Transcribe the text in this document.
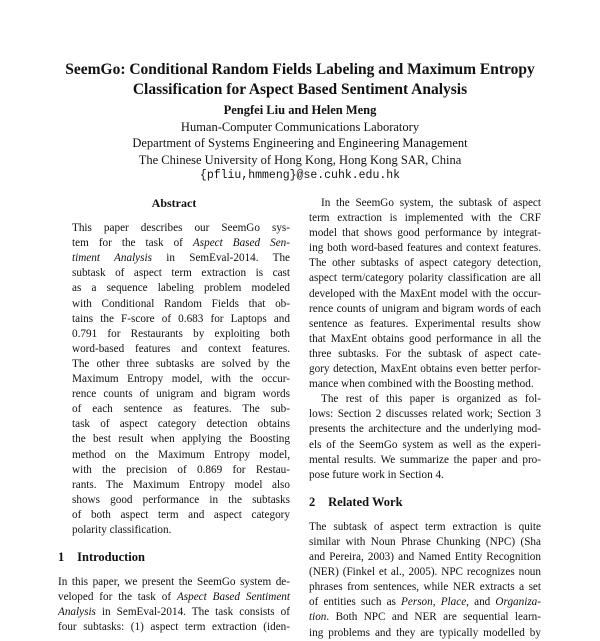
SeemGo: Conditional Random Fields Labeling and Maximum Entropy
Classification for Aspect Based Sentiment Analysis
Pengfei Liu and Helen Meng
Human-Computer Communications Laboratory
Department of Systems Engineering and Engineering Management
The Chinese University of Hong Kong, Hong Kong SAR, China
{pfliu,hmmeng}@se.cuhk.edu.hk
Abstract
This paper describes our SeemGo sys-
tem for the task of Aspect Based Sen-
timent Analysis in SemEval-2014. The
subtask of aspect term extraction is cast
as a sequence labeling problem modeled
with Conditional Random Fields that ob-
tains the F-score of 0.683 for Laptops and
0.791 for Restaurants by exploiting both
word-based features and context features.
The other three subtasks are solved by the
Maximum Entropy model, with the occur-
rence counts of unigram and bigram words
of each sentence as features. The sub-
task of aspect category detection obtains
the best result when applying the Boosting
method on the Maximum Entropy model,
with the precision of 0.869 for Restau-
rants. The Maximum Entropy model also
shows good performance in the subtasks
of both aspect term and aspect category
polarity classification.
1 Introduction
In this paper, we present the SeemGo system de-
veloped for the task of Aspect Based Sentiment
Analysis in SemEval-2014. The task consists of
four subtasks: (1) aspect term extraction (iden-
In the SeemGo system, the subtask of aspect
term extraction is implemented with the CRF
model that shows good performance by integrat-
ing both word-based features and context features.
The other subtasks of aspect category detection,
aspect term/category polarity classification are all
developed with the MaxEnt model with the occur-
rence counts of unigram and bigram words of each
sentence as features. Experimental results show
that MaxEnt obtains good performance in all the
three subtasks. For the subtask of aspect cate-
gory detection, MaxEnt obtains even better perfor-
mance when combined with the Boosting method.
The rest of this paper is organized as fol-
lows: Section 2 discusses related work; Section 3
presents the architecture and the underlying mod-
els of the SeemGo system as well as the experi-
mental results. We summarize the paper and pro-
pose future work in Section 4.
2 Related Work
The subtask of aspect term extraction is quite
similar with Noun Phrase Chunking (NPC) (Sha
and Pereira, 2003) and Named Entity Recognition
(NER) (Finkel et al., 2005). NPC recognizes noun
phrases from sentences, while NER extracts a set
of entities such as Person, Place, and Organiza-
tion. Both NPC and NER are sequential learn-
ing problems and they are typically modelled by
